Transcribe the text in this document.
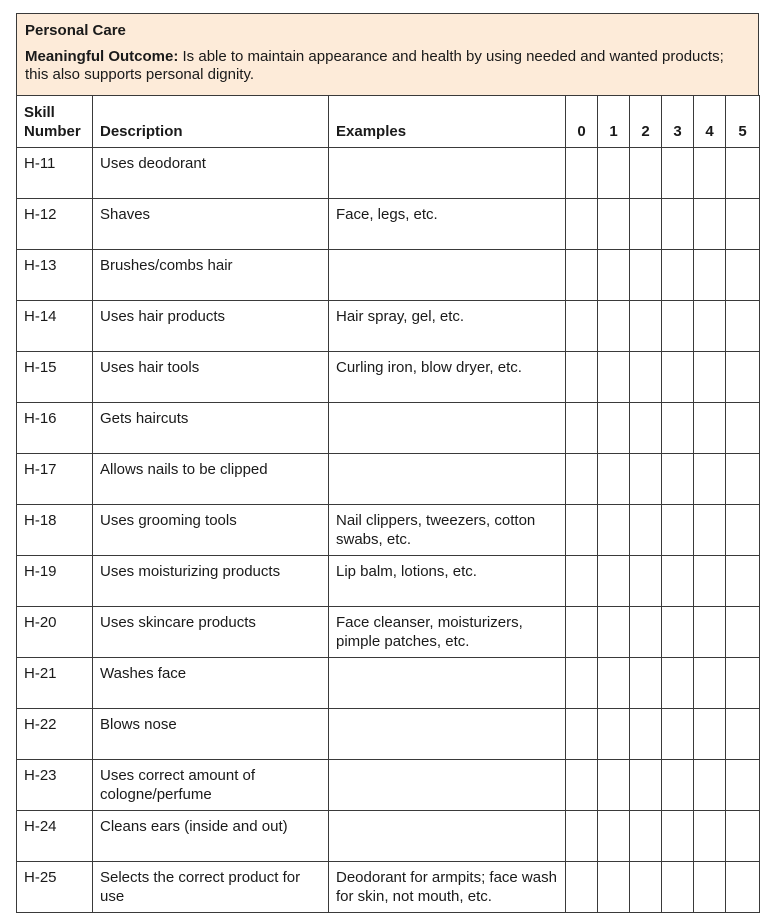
Personal Care

Meaningful Outcome: Is able to maintain appearance and health by using needed and wanted products; this also supports personal dignity.

Skill
Number	Description	Examples	0	1	2	3	4	5
H-11	Uses deodorant							
H-12	Shaves	Face, legs, etc.						
H-13	Brushes/combs hair							
H-14	Uses hair products	Hair spray, gel, etc.						
H-15	Uses hair tools	Curling iron, blow dryer, etc.						
H-16	Gets haircuts							
H-17	Allows nails to be clipped							
H-18	Uses grooming tools	Nail clippers, tweezers, cotton swabs, etc.						
H-19	Uses moisturizing products	Lip balm, lotions, etc.						
H-20	Uses skincare products	Face cleanser, moisturizers, pimple patches, etc.						
H-21	Washes face							
H-22	Blows nose							
H-23	Uses correct amount of cologne/perfume							
H-24	Cleans ears (inside and out)							
H-25	Selects the correct product for use	Deodorant for armpits; face wash for skin, not mouth, etc.						
